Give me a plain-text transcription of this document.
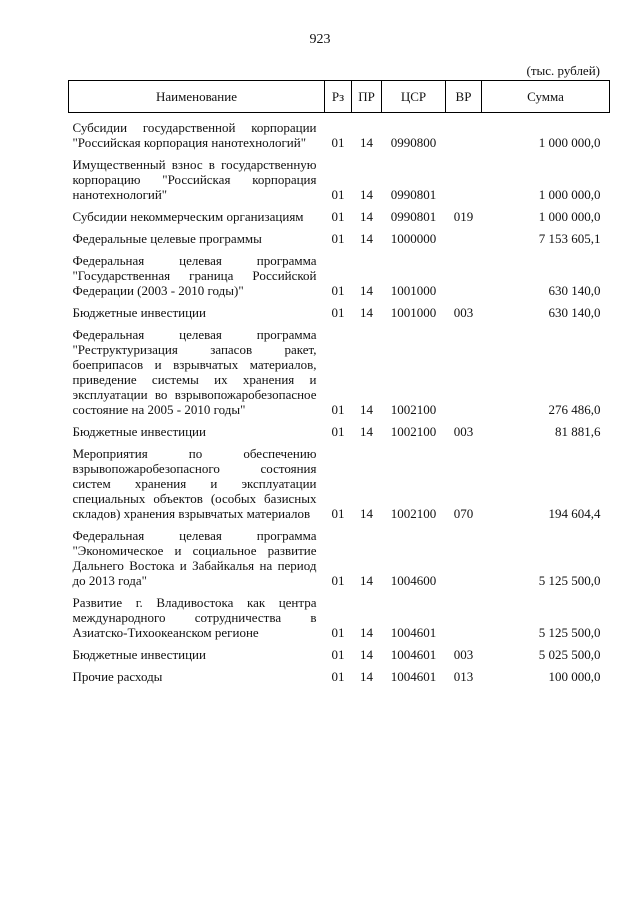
923
(тыс. рублей)
Наименование	Рз	ПР	ЦСР	ВР	Сумма
Субсидии государственной корпорации "Российская корпорация нанотехнологий"	01	14	0990800		1 000 000,0
Имущественный взнос в государственную корпорацию "Российская корпорация нанотехнологий"	01	14	0990801		1 000 000,0
Субсидии некоммерческим организациям	01	14	0990801	019	1 000 000,0
Федеральные целевые программы	01	14	1000000		7 153 605,1
Федеральная целевая программа "Государственная граница Российской Федерации (2003 - 2010 годы)"	01	14	1001000		630 140,0
Бюджетные инвестиции	01	14	1001000	003	630 140,0
Федеральная целевая программа "Реструктуризация запасов ракет, боеприпасов и взрывчатых материалов, приведение системы их хранения и эксплуатации во взрывопожаробезопасное состояние на 2005 - 2010 годы"	01	14	1002100		276 486,0
Бюджетные инвестиции	01	14	1002100	003	81 881,6
Мероприятия по обеспечению взрывопожаробезопасного состояния систем хранения и эксплуатации специальных объектов (особых базисных складов) хранения взрывчатых материалов	01	14	1002100	070	194 604,4
Федеральная целевая программа "Экономическое и социальное развитие Дальнего Востока и Забайкалья на период до 2013 года"	01	14	1004600		5 125 500,0
Развитие г. Владивостока как центра международного сотрудничества в Азиатско-Тихоокеанском регионе	01	14	1004601		5 125 500,0
Бюджетные инвестиции	01	14	1004601	003	5 025 500,0
Прочие расходы	01	14	1004601	013	100 000,0
